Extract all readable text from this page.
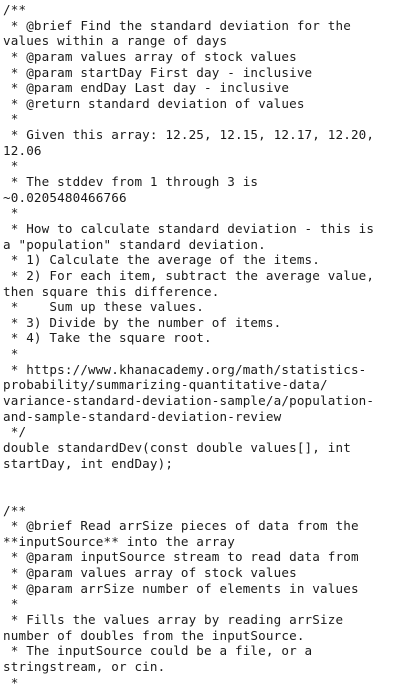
/**
* @brief Find the standard deviation for the
values within a range of days
* @param values array of stock values
* @param startDay First day - inclusive
* @param endDay Last day - inclusive
* @return standard deviation of values
*
* Given this array: 12.25, 12.15, 12.17, 12.20,
12.06
*
* The stddev from 1 through 3 is
~0.0205480466766
*
* How to calculate standard deviation - this is
a "population" standard deviation.
* 1) Calculate the average of the items.
* 2) For each item, subtract the average value,
then square this difference.
*    Sum up these values.
* 3) Divide by the number of items.
* 4) Take the square root.
*
* https://www.khanacademy.org/math/statistics-
probability/summarizing-quantitative-data/
variance-standard-deviation-sample/a/population-
and-sample-standard-deviation-review
*/
double standardDev(const double values[], int
startDay, int endDay);
/**
* @brief Read arrSize pieces of data from the
**inputSource** into the array
* @param inputSource stream to read data from
* @param values array of stock values
* @param arrSize number of elements in values
*
* Fills the values array by reading arrSize
number of doubles from the inputSource.
* The inputSource could be a file, or a
stringstream, or cin.
*
